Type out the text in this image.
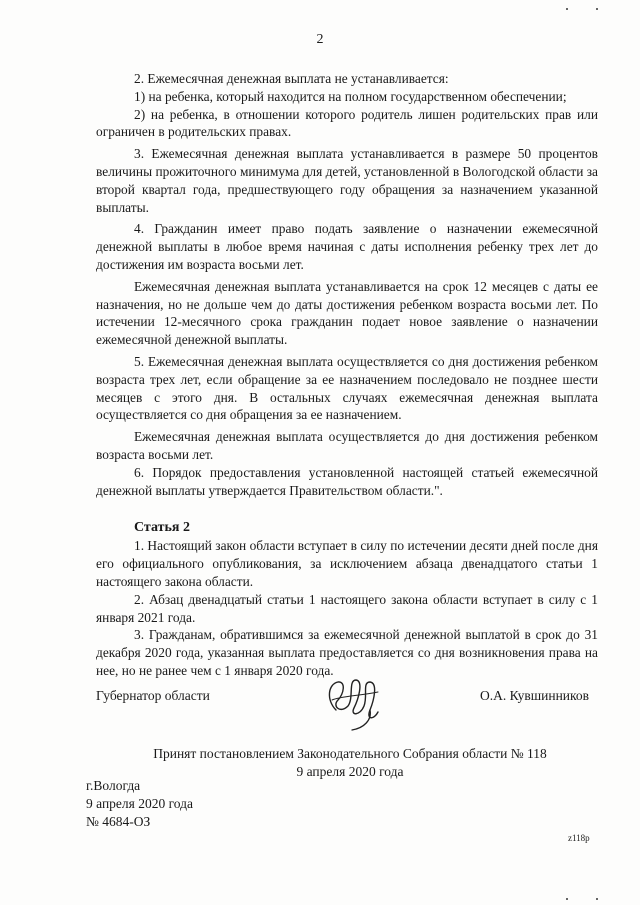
2

2. Ежемесячная денежная выплата не устанавливается:

1) на ребенка, который находится на полном государственном обеспечении;

2) на ребенка, в отношении которого родитель лишен родительских прав или ограничен в родительских правах.

3. Ежемесячная денежная выплата устанавливается в размере 50 процентов величины прожиточного минимума для детей, установленной в Вологодской области за второй квартал года, предшествующего году обращения за назначением указанной выплаты.

4. Гражданин имеет право подать заявление о назначении ежемесячной денежной выплаты в любое время начиная с даты исполнения ребенку трех лет до достижения им возраста восьми лет.

Ежемесячная денежная выплата устанавливается на срок 12 месяцев с даты ее назначения, но не дольше чем до даты достижения ребенком возраста восьми лет. По истечении 12-месячного срока гражданин подает новое заявление о назначении ежемесячной денежной выплаты.

5. Ежемесячная денежная выплата осуществляется со дня достижения ребенком возраста трех лет, если обращение за ее назначением последовало не позднее шести месяцев с этого дня. В остальных случаях ежемесячная денежная выплата осуществляется со дня обращения за ее назначением.

Ежемесячная денежная выплата осуществляется до дня достижения ребенком возраста восьми лет.

6. Порядок предоставления установленной настоящей статьей ежемесячной денежной выплаты утверждается Правительством области.".

Статья 2

1. Настоящий закон области вступает в силу по истечении десяти дней после дня его официального опубликования, за исключением абзаца двенадцатого статьи 1 настоящего закона области.

2. Абзац двенадцатый статьи 1 настоящего закона области вступает в силу с 1 января 2021 года.

3. Гражданам, обратившимся за ежемесячной денежной выплатой в срок до 31 декабря 2020 года, указанная выплата предоставляется со дня возникновения права на нее, но не ранее чем с 1 января 2020 года.

Губернатор области	О.А. Кувшинников
Принят постановлением Законодательного Собрания области № 118
9 апреля 2020 года
г.Вологда
9 апреля 2020 года
№ 4684-ОЗ
z118p
